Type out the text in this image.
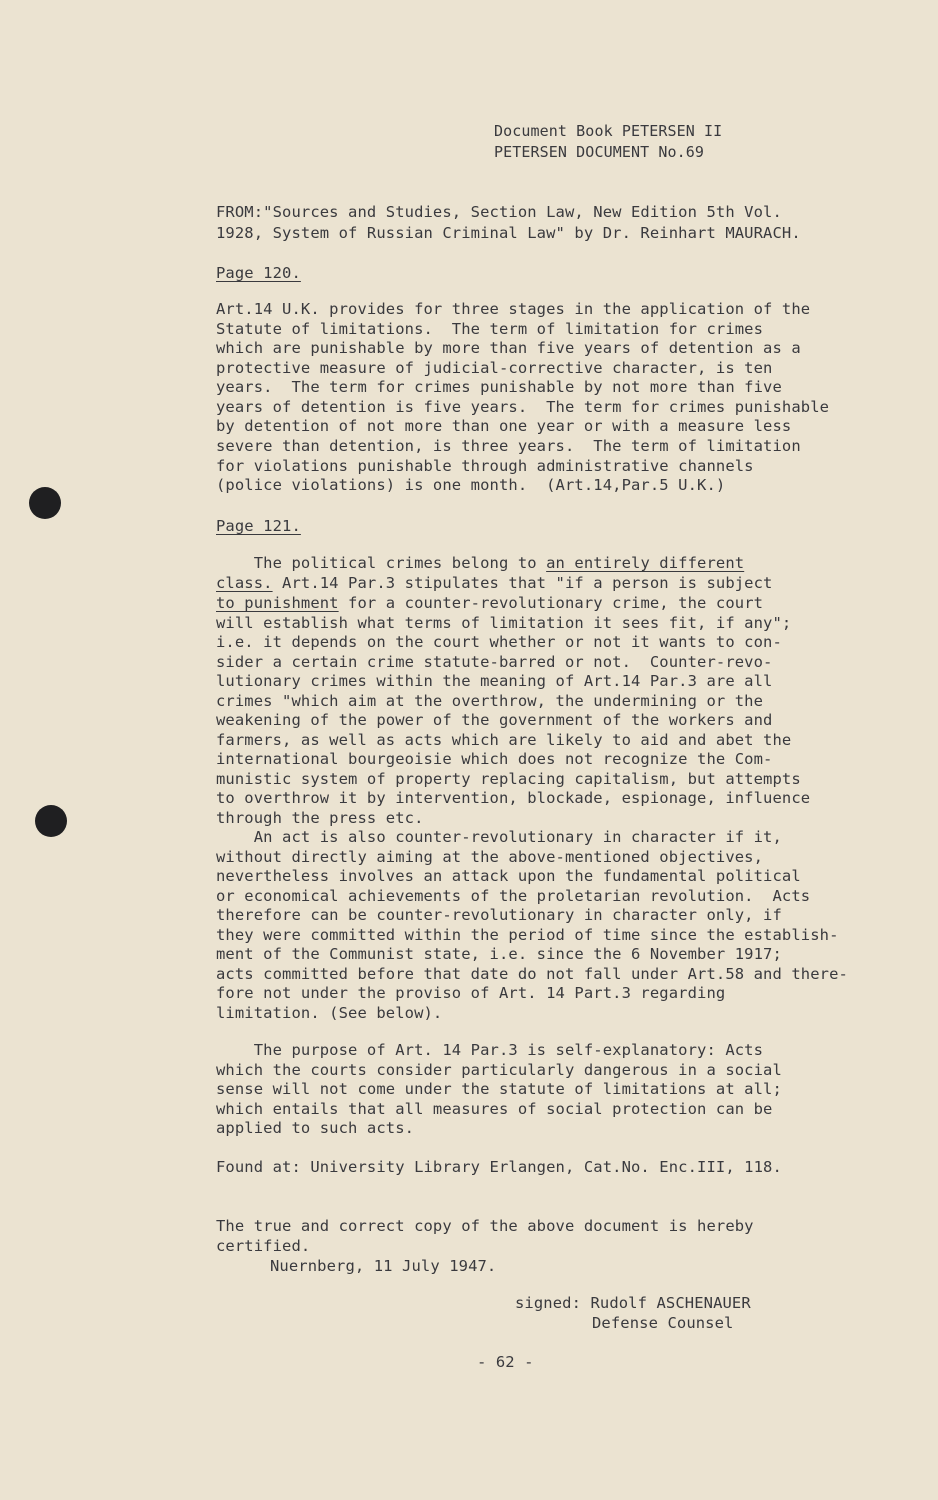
Document Book PETERSEN II
PETERSEN DOCUMENT No.69
FROM:"Sources and Studies, Section Law, New Edition 5th Vol.
1928, System of Russian Criminal Law" by Dr. Reinhart MAURACH.
Page 120.
Art.14 U.K. provides for three stages in the application of the
Statute of limitations.  The term of limitation for crimes
which are punishable by more than five years of detention as a
protective measure of judicial-corrective character, is ten
years.  The term for crimes punishable by not more than five
years of detention is five years.  The term for crimes punishable
by detention of not more than one year or with a measure less
severe than detention, is three years.  The term of limitation
for violations punishable through administrative channels
(police violations) is one month.  (Art.14,Par.5 U.K.)
Page 121.
The political crimes belong to an entirely different
class. Art.14 Par.3 stipulates that "if a person is subject
to punishment for a counter-revolutionary crime, the court
will establish what terms of limitation it sees fit, if any";
i.e. it depends on the court whether or not it wants to con-
sider a certain crime statute-barred or not.  Counter-revo-
lutionary crimes within the meaning of Art.14 Par.3 are all
crimes "which aim at the overthrow, the undermining or the
weakening of the power of the government of the workers and
farmers, as well as acts which are likely to aid and abet the
international bourgeoisie which does not recognize the Com-
munistic system of property replacing capitalism, but attempts
to overthrow it by intervention, blockade, espionage, influence
through the press etc.
An act is also counter-revolutionary in character if it,
without directly aiming at the above-mentioned objectives,
nevertheless involves an attack upon the fundamental political
or economical achievements of the proletarian revolution.  Acts
therefore can be counter-revolutionary in character only, if
they were committed within the period of time since the establish-
ment of the Communist state, i.e. since the 6 November 1917;
acts committed before that date do not fall under Art.58 and there-
fore not under the proviso of Art. 14 Part.3 regarding
limitation. (See below).
The purpose of Art. 14 Par.3 is self-explanatory: Acts
which the courts consider particularly dangerous in a social
sense will not come under the statute of limitations at all;
which entails that all measures of social protection can be
applied to such acts.
Found at: University Library Erlangen, Cat.No. Enc.III, 118.
The true and correct copy of the above document is hereby
certified.
Nuernberg, 11 July 1947.
signed: Rudolf ASCHENAUER
Defense Counsel
- 62 -
